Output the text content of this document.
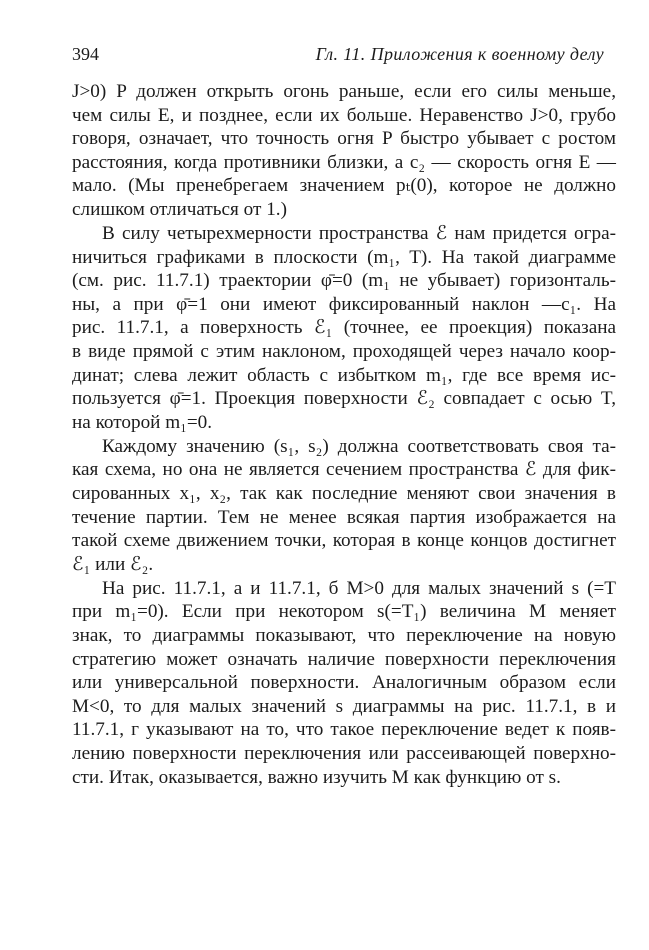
394	Гл. 11. Приложения к военному делу
J>0) P должен открыть огонь раньше, если его силы меньше,
чем силы E, и позднее, если их больше. Неравенство J>0, грубо
говоря, означает, что точность огня P быстро убывает с ростом
расстояния, когда противники близки, а c₂ — скорость огня E —
мало. (Мы пренебрегаем значением pₜ(0), которое не должно
слишком отличаться от 1.)
В силу четырехмерности пространства ℰ нам придется огра-
ничиться графиками в плоскости (m₁, T). На такой диаграмме
(см. рис. 11.7.1) траектории φ̄=0 (m₁ не убывает) горизонталь-
ны, а при φ̄=1 они имеют фиксированный наклон —c₁. На
рис. 11.7.1, а поверхность ℰ₁ (точнее, ее проекция) показана
в виде прямой с этим наклоном, проходящей через начало коор-
динат; слева лежит область с избытком m₁, где все время ис-
пользуется φ̄=1. Проекция поверхности ℰ₂ совпадает с осью T,
на которой m₁=0.
Каждому значению (s₁, s₂) должна соответствовать своя та-
кая схема, но она не является сечением пространства ℰ для фик-
сированных x₁, x₂, так как последние меняют свои значения в
течение партии. Тем не менее всякая партия изображается на
такой схеме движением точки, которая в конце концов достигнет
ℰ₁ или ℰ₂.
На рис. 11.7.1, а и 11.7.1, б M>0 для малых значений s (=T
при m₁=0). Если при некотором s(=T₁) величина M меняет
знак, то диаграммы показывают, что переключение на новую
стратегию может означать наличие поверхности переключения
или универсальной поверхности. Аналогичным образом если
M<0, то для малых значений s диаграммы на рис. 11.7.1, в и
11.7.1, г указывают на то, что такое переключение ведет к появ-
лению поверхности переключения или рассеивающей поверхно-
сти. Итак, оказывается, важно изучить M как функцию от s.
